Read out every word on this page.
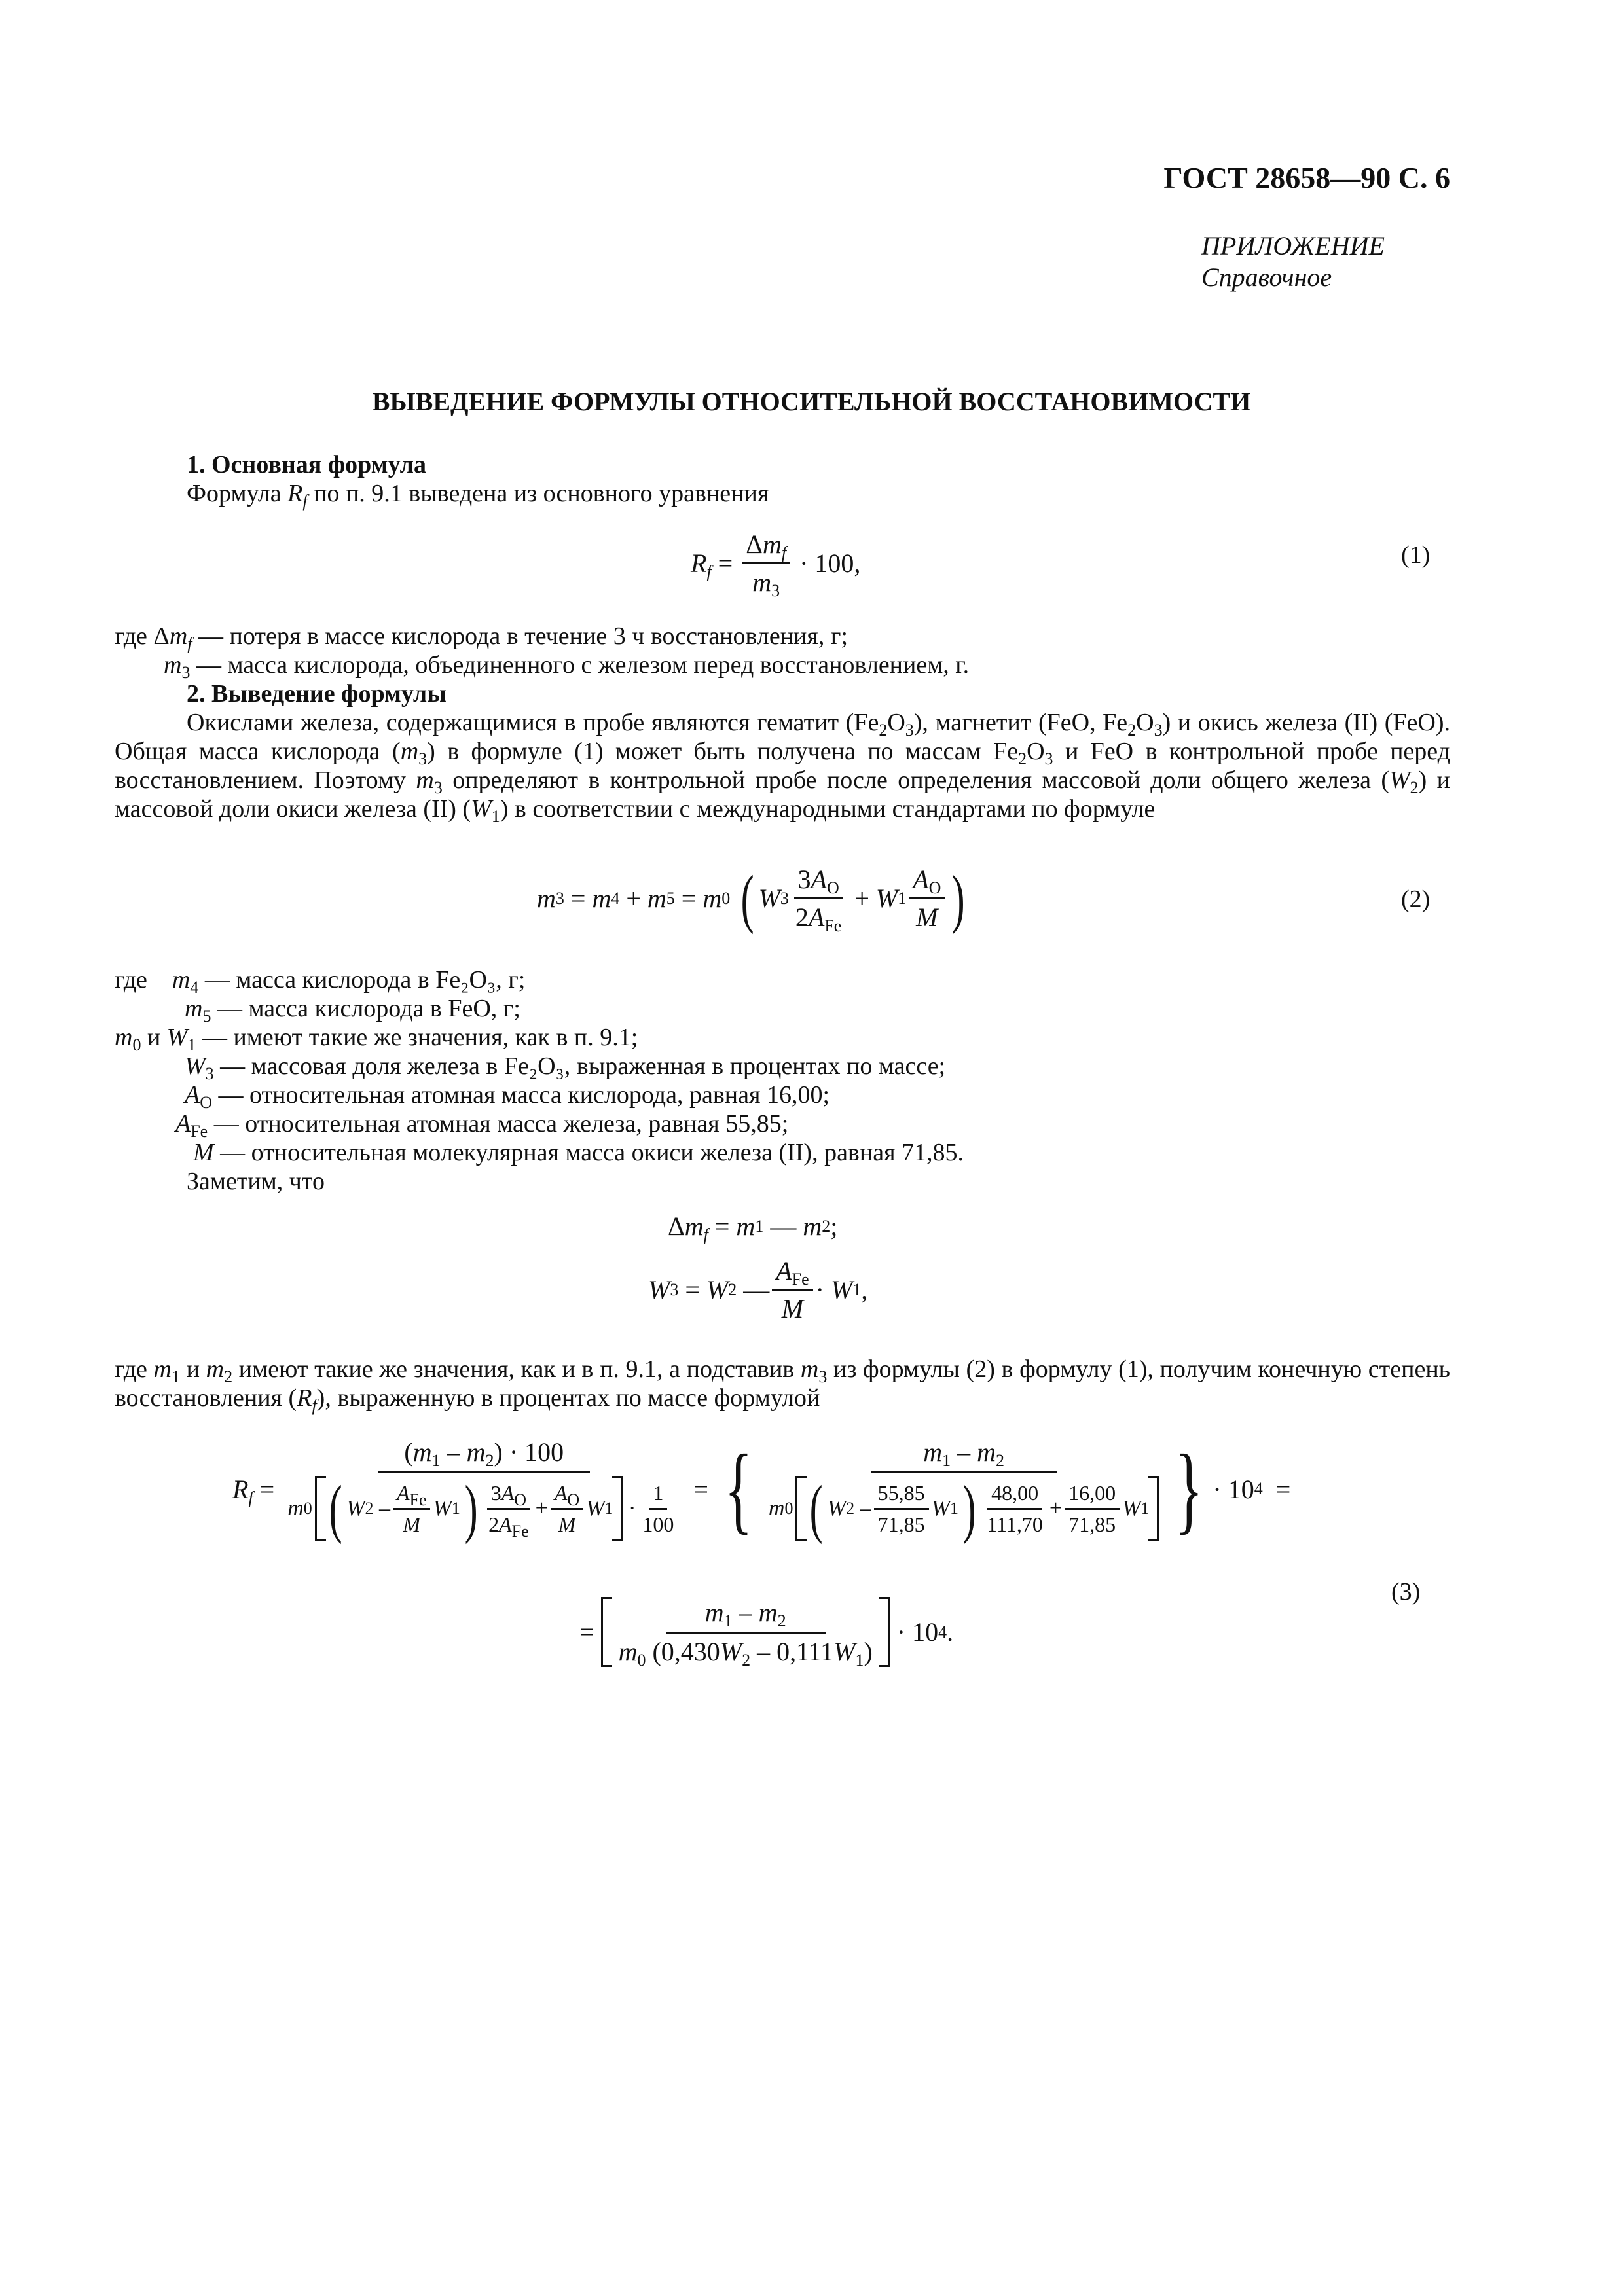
ГОСТ 28658—90 С. 6
ПРИЛОЖЕНИЕ
Справочное
ВЫВЕДЕНИЕ ФОРМУЛЫ ОТНОСИТЕЛЬНОЙ ВОССТАНОВИМОСТИ
1. Основная формула
Формула $R_f$ по п. 9.1 выведена из основного уравнения
$R_f = \frac{\Delta m_f}{m_3} \cdot 100$,	(1)
где $\Delta m_f$ — потеря в массе кислорода в течение 3 ч восстановления, г;
$m_3$ — масса кислорода, объединенного с железом перед восстановлением, г.
2. Выведение формулы
Окислами железа, содержащимися в пробе являются гематит $(Fe_2O_3)$, магнетит (FeO, $Fe_2O_3$) и окись железа (II) (FeO). Общая масса кислорода $(m_3)$ в формуле (1) может быть получена по массам $Fe_2O_3$ и FeO в контрольной пробе перед восстановлением. Поэтому $m_3$ определяют в контрольной пробе после определения массовой доли общего железа $(W_2)$ и массовой доли окиси железа (II) $(W_1)$ в соответствии с международными стандартами по формуле
m 3 = m 4 + m 5 = m 0
( W $3 \frac{3A_O}{2A_{Fe}} + W$ $1 \frac{A_O}{M}$ )	(2)
где    $m_4$ — масса кислорода в Fe₂O₃, г;
$m_5$ — масса кислорода в FeO, г;
$m_0$ и $W_1$ — имеют такие же значения, как в п. 9.1;
$W_3$ — массовая доля железа в Fe₂O₃, выраженная в процентах по массе;
$A_O$ — относительная атомная масса кислорода, равная 16,00;
$A_{Fe}$ — относительная атомная масса железа, равная 55,85;
M — относительная молекулярная масса окиси железа (II), равная 71,85.
Заметим, что
Δ $m_f = m$ 1 — m 2 ;
W 3 = W 2 — $\frac{A_{Fe}}{M} \cdot W$ 1 ,
где $m_1$ и $m_2$ имеют такие же значения, как и в п. 9.1, а подставив $m_3$ из формулы (2) в формулу (1), получим конечную степень восстановления $(R_f)$, выраженную в процентах по массе формулой
$R_f$ =
$(m_1 - m_2) \cdot 100$
m 0 ( W $2 - \frac{A_{Fe}}{M}$ W 1 ) $\frac{3A_O}{2A_{Fe}} + \frac{A_O}{M}$ W $1 \cdot \frac{1}{100}$ = {	$m_1 - m_2$
m 0 ( W $2 - \frac{55,85}{71,85}$ W 1 ) $\frac{48,00}{111,70} + \frac{16,00}{71,85}$ W 1 } · 10 4 =
(3)
= $\frac{m_1 - m_2}{m_0 (0,430W_2 - 0,111W_1)} \cdot 10$ 4 .
